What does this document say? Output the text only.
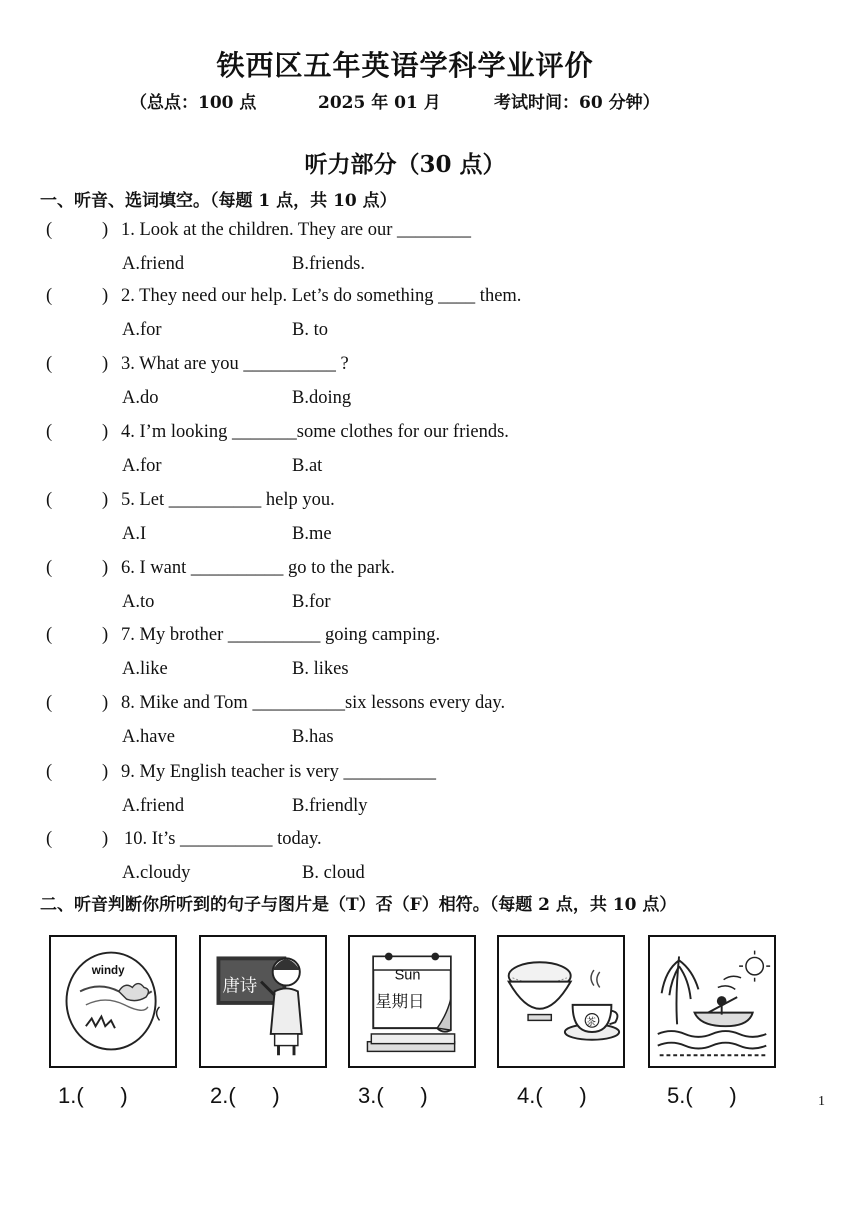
铁西区五年英语学科学业评价
（总点：100 点	2025 年 01 月	考试时间：60 分钟）
听力部分（30 点）
一、听音、选词填空。（每题 1 点，共 10 点）
(	) 1. Look at the children. They are our ________
A.friend	B.friends.
(	) 2. They need our help. Let’s do something ____ them.
A.for	B. to
(	) 3. What are you __________ ?
A.do	B.doing
(	) 4. I’m looking _______some clothes for our friends.
A.for	B.at
(	) 5. Let __________ help you.
A.I	B.me
(	) 6. I want __________ go to the park.
A.to	B.for
(	) 7. My brother __________ going camping.
A.like	B. likes
(	) 8. Mike and Tom __________six lessons every day.
A.have	B.has
(	) 9. My English teacher is very __________
A.friend	B.friendly
(	) 10. It’s __________ today.
A.cloudy	B. cloud
二、听音判断你所听到的句子与图片是（T）否（F）相符。（每题 2 点，共 10 点）
windy
唐诗
Sun
星期日
茶
1.(      )	2.(      )	3.(      )	4.(      )	5.(      )	1
